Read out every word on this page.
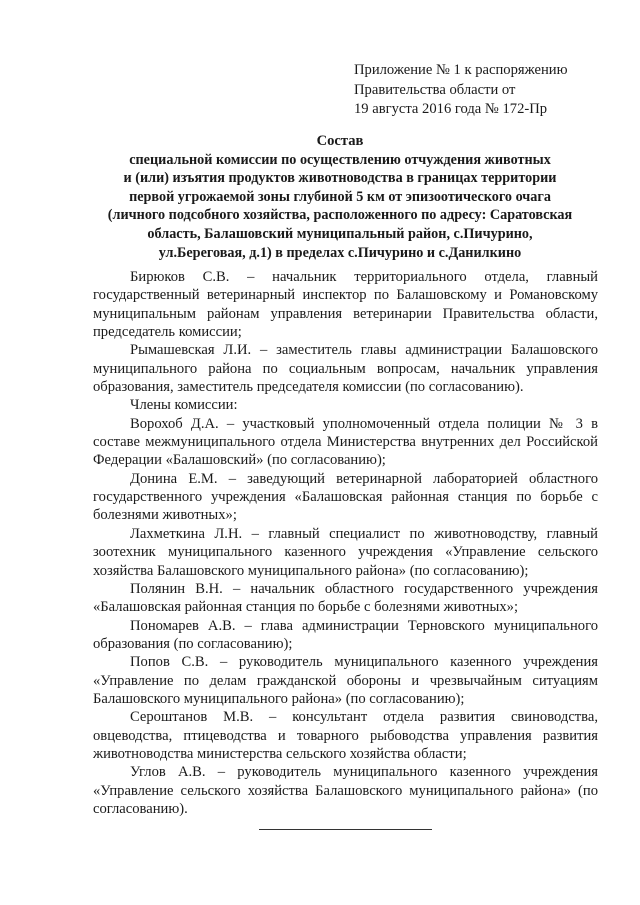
Приложение № 1 к распоряжению
Правительства области от
19 августа 2016 года № 172-Пр
Состав
специальной комиссии по осуществлению отчуждения животных
и (или) изъятия продуктов животноводства в границах территории
первой угрожаемой зоны глубиной 5 км от эпизоотического очага
(личного подсобного хозяйства, расположенного по адресу: Саратовская
область, Балашовский муниципальный район, с.Пичурино,
ул.Береговая, д.1) в пределах с.Пичурино и с.Данилкино

Бирюков С.В. – начальник территориального отдела, главный государственный ветеринарный инспектор по Балашовскому и Романовскому муниципальным районам управления ветеринарии Правительства области, председатель комиссии;

Рымашевская Л.И. – заместитель главы администрации Балашовского муниципального района по социальным вопросам, начальник управления образования, заместитель председателя комиссии (по согласованию).

Члены комиссии:

Ворохоб Д.А. – участковый уполномоченный отдела полиции № 3 в составе межмуниципального отдела Министерства внутренних дел Российской Федерации «Балашовский» (по согласованию);

Донина Е.М. – заведующий ветеринарной лабораторией областного государственного учреждения «Балашовская районная станция по борьбе с болезнями животных»;

Лахметкина Л.Н. – главный специалист по животноводству, главный зоотехник муниципального казенного учреждения «Управление сельского хозяйства Балашовского муниципального района» (по согласованию);

Полянин В.Н. – начальник областного государственного учреждения «Балашовская районная станция по борьбе с болезнями животных»;

Пономарев А.В. – глава администрации Терновского муниципального образования (по согласованию);

Попов С.В. – руководитель муниципального казенного учреждения «Управление по делам гражданской обороны и чрезвычайным ситуациям Балашовского муниципального района» (по согласованию);

Сероштанов М.В. – консультант отдела развития свиноводства, овцеводства, птицеводства и товарного рыбоводства управления развития животноводства министерства сельского хозяйства области;

Углов А.В. – руководитель муниципального казенного учреждения «Управление сельского хозяйства Балашовского муниципального района» (по согласованию).
